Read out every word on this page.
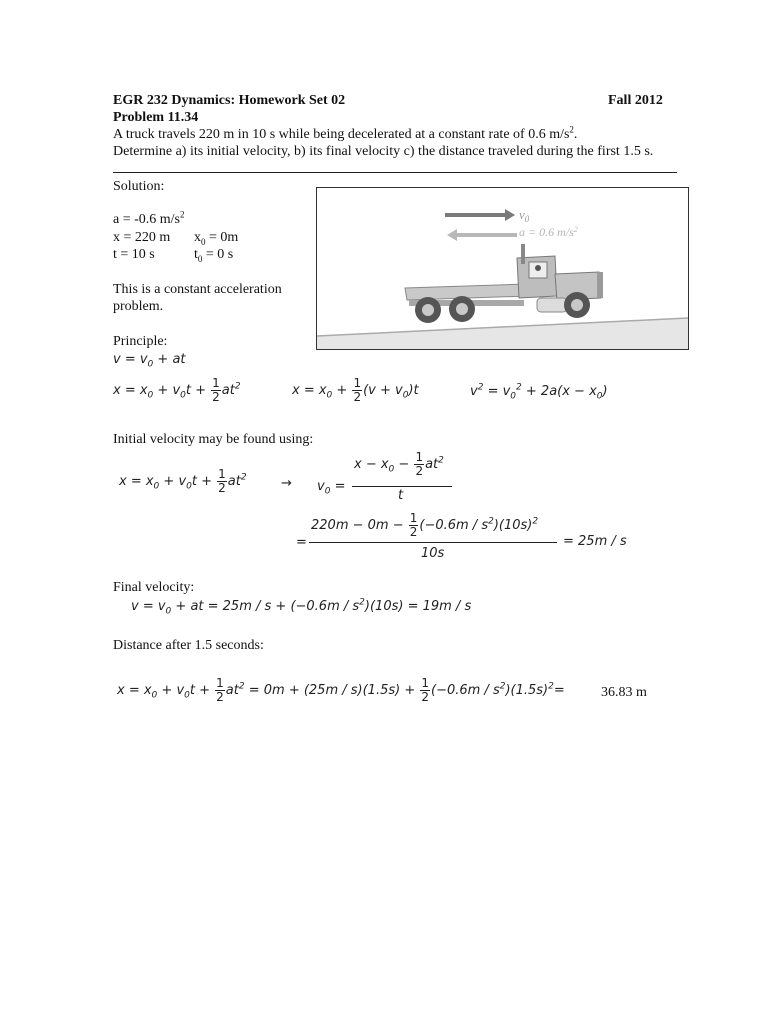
EGR 232 Dynamics: Homework Set 02	Fall 2012
Problem 11.34
A truck travels 220 m in 10 s while being decelerated at a constant rate of 0.6 $m/s^2$.
Determine a) its initial velocity, b) its final velocity c) the distance traveled during the first 1.5 s.
Solution:
a = -0.6 $m/s^2$
x = 220 m $x_0 = 0m$
t = 10 s	$t_0 = 0$ s
This is a constant acceleration
problem.
$v_0$
a = 0.6 $m/s^2$
Principle:
$v = v_0$ + at
$x = x_0 + v_0t + \frac{1}{2} at^2$	$x = x_0 + \frac{1}{2} (v + v_0)t$	$v^2 = v_0^2 + 2a(x - x_0)$
Initial velocity may be found using:
$x = x_0 + v_0t + \frac{1}{2} at^2$	→ $v_0$ =
$x - x_0 - \frac{1}{2} at^2$
t
$220m - 0m - \frac{1}{2} (-0.6m / s^2)(10s)^2$
=
10s
= 25m / s
Final velocity:
$v = v_0$ + at = $25m / s + (-0.6m / s^2)(10s) = 19m / s$
Distance after 1.5 seconds:
$x = x_0 + v_0t + \frac{1}{2} at^2 = 0m + (25m / s)(1.5s) + \frac{1}{2} (-0.6m / s^2)(1.5s)^2=$	36.83 m
